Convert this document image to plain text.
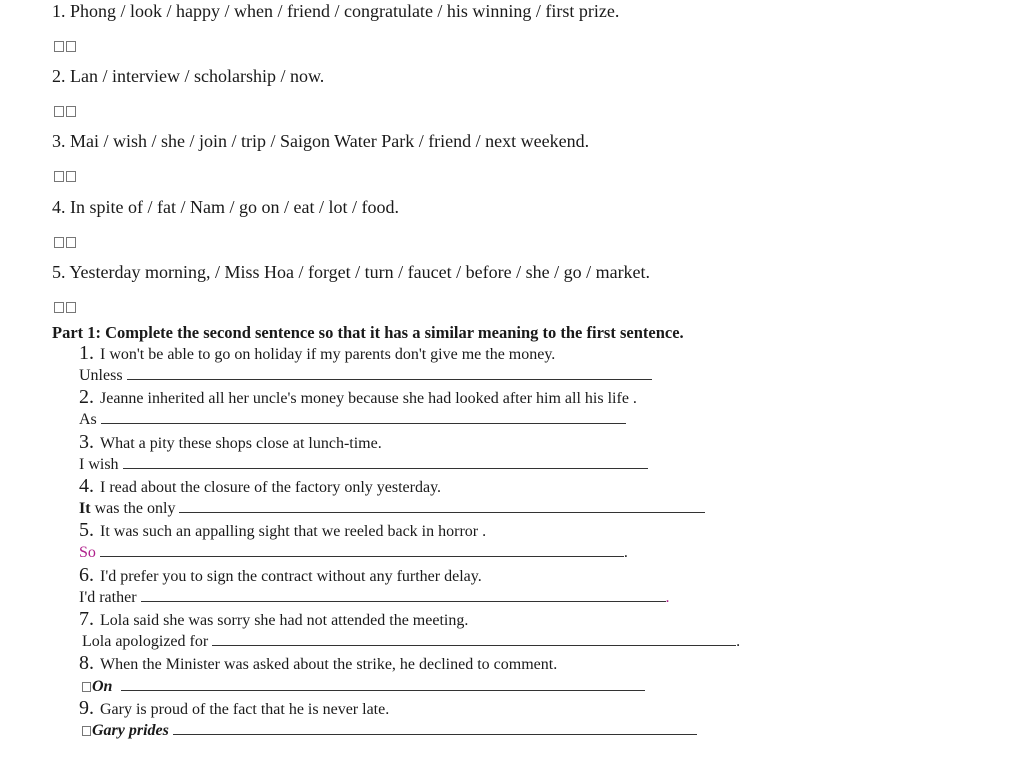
1. Phong / look / happy / when / friend / congratulate / his winning / first prize.
2. Lan / interview / scholarship / now.
3. Mai / wish / she / join / trip / Saigon Water Park / friend / next weekend.
4. In spite of / fat / Nam / go on / eat / lot / food.
5. Yesterday morning, / Miss Hoa / forget / turn / faucet / before / she / go / market.
Part 1: Complete the second sentence so that it has a similar meaning to the first sentence.
1. I won't be able to go on holiday if my parents don't give me the money.
Unless
2. Jeanne inherited all her uncle's money because she had looked after him all his life .
As
3. What a pity these shops close at lunch-time.
I wish
4. I read about the closure of the factory only yesterday.
It was the only
5. It was such an appalling sight that we reeled back in horror .
So	.
6. I'd prefer you to sign the contract without any further delay.
I'd rather	.
7. Lola said she was sorry she had not attended the meeting.
Lola apologized for	.
8. When the Minister was asked about the strike, he declined to comment.
On
9. Gary is proud of the fact that he is never late.
Gary prides
